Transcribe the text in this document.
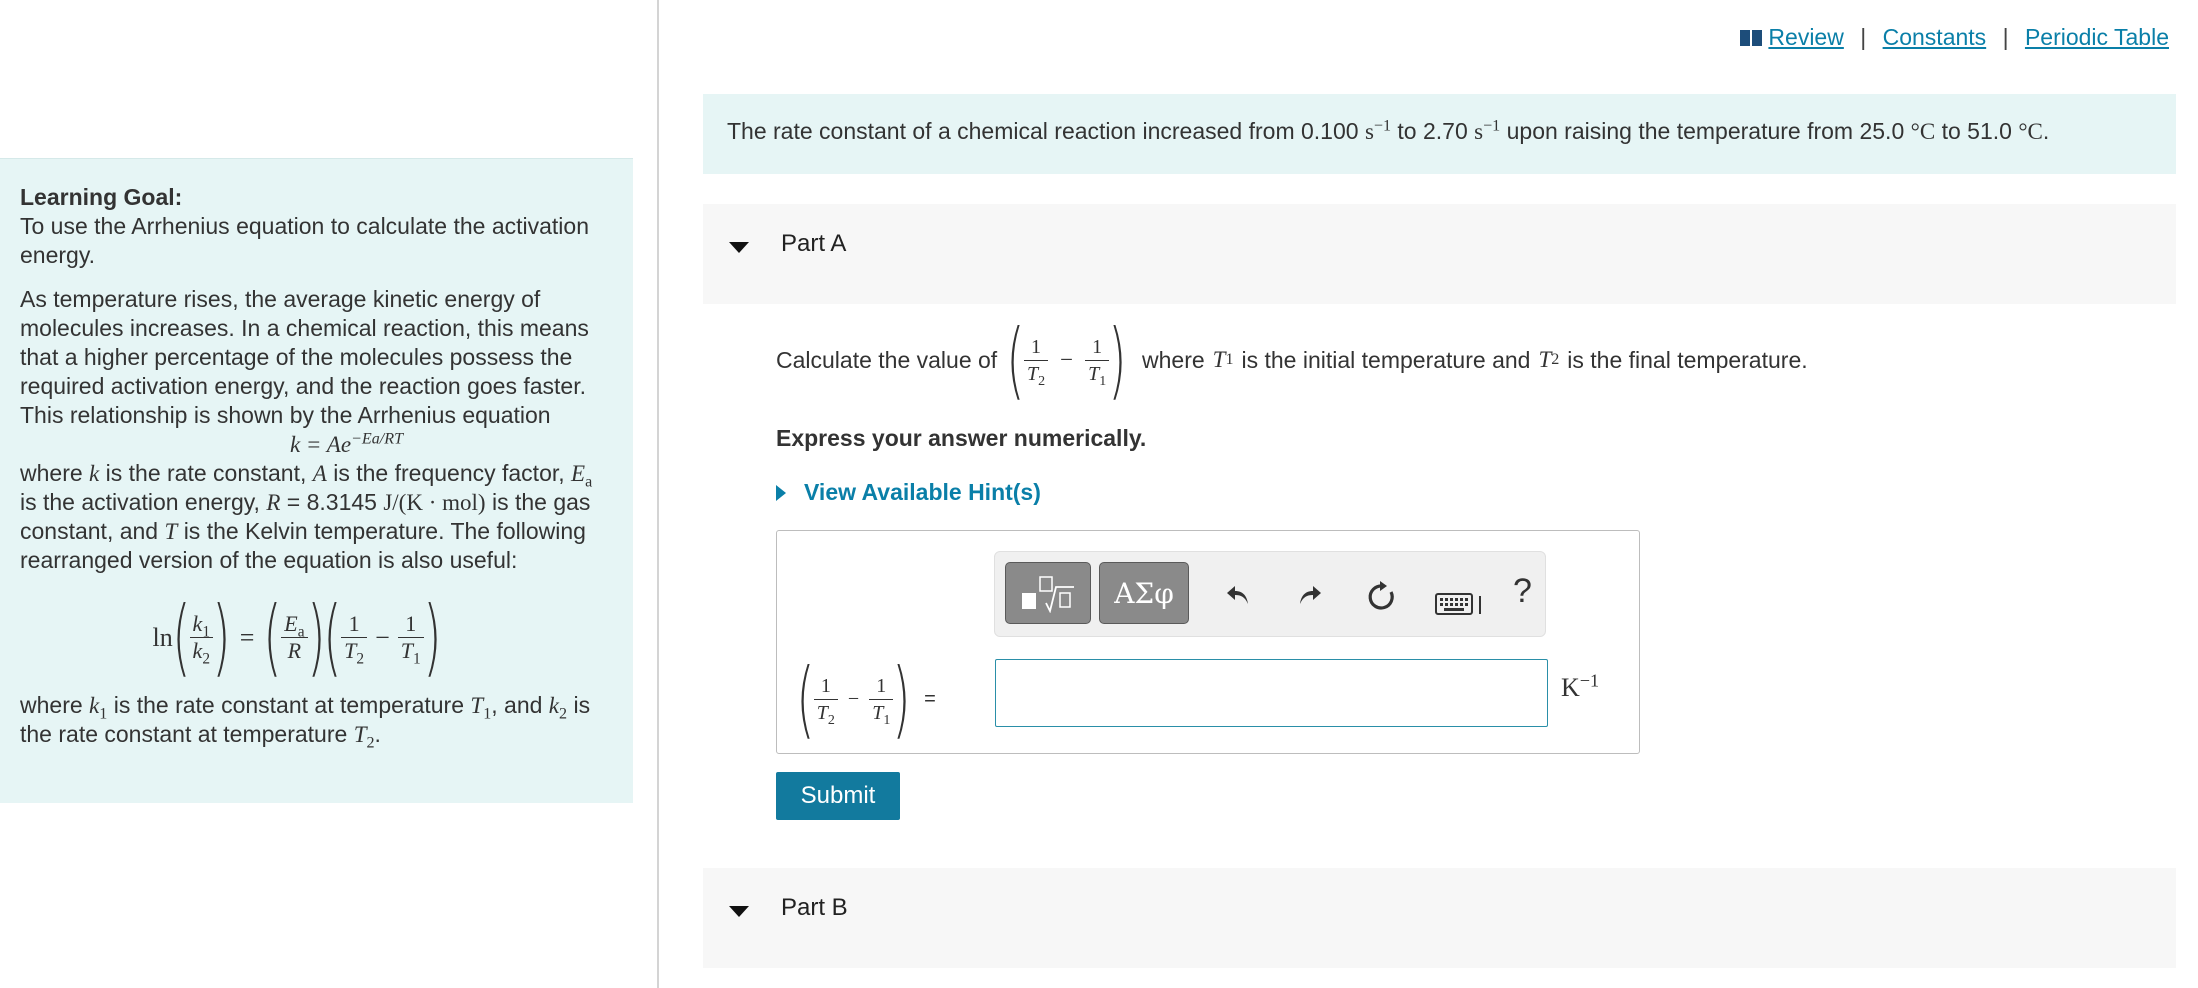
Learning Goal:
To use the Arrhenius equation to calculate the activation energy.
As temperature rises, the average kinetic energy of molecules increases. In a chemical reaction, this means that a higher percentage of the molecules possess the required activation energy, and the reaction goes faster. This relationship is shown by the Arrhenius equation
$k = Ae^{-Ea/RT}$
where k is the rate constant, A is the frequency factor, $E_a$ is the activation energy, R = 8.3145 J/(K · mol) is the gas constant, and T is the Kelvin temperature. The following rearranged version of the equation is also useful:
ln ( $\frac{k_1}{k_2}$ ) = ( $\frac{E_a}{R}$ )
( $\frac{1}{T_2} - \frac{1}{T_1}$ )
where $k_1$ is the rate constant at temperature $T_1$, and $k_2$ is the rate constant at temperature $T_2$.
Review | Constants | Periodic Table
The rate constant of a chemical reaction increased from 0.100 $s^{-1}$ to 2.70 $s^{-1}$ upon raising the temperature from 25.0 °C to 51.0 °C.
Part A
Calculate the value of ( $\frac{1}{T_2} - \frac{1}{T_1}$ ) where T 1 is the initial temperature and T 2 is the final temperature.
Express your answer numerically.
View Available Hint(s)
ΑΣφ	?
( $\frac{1}{T_2} - \frac{1}{T_1}$ ) =	$K^{-1}$
Submit
Part B
